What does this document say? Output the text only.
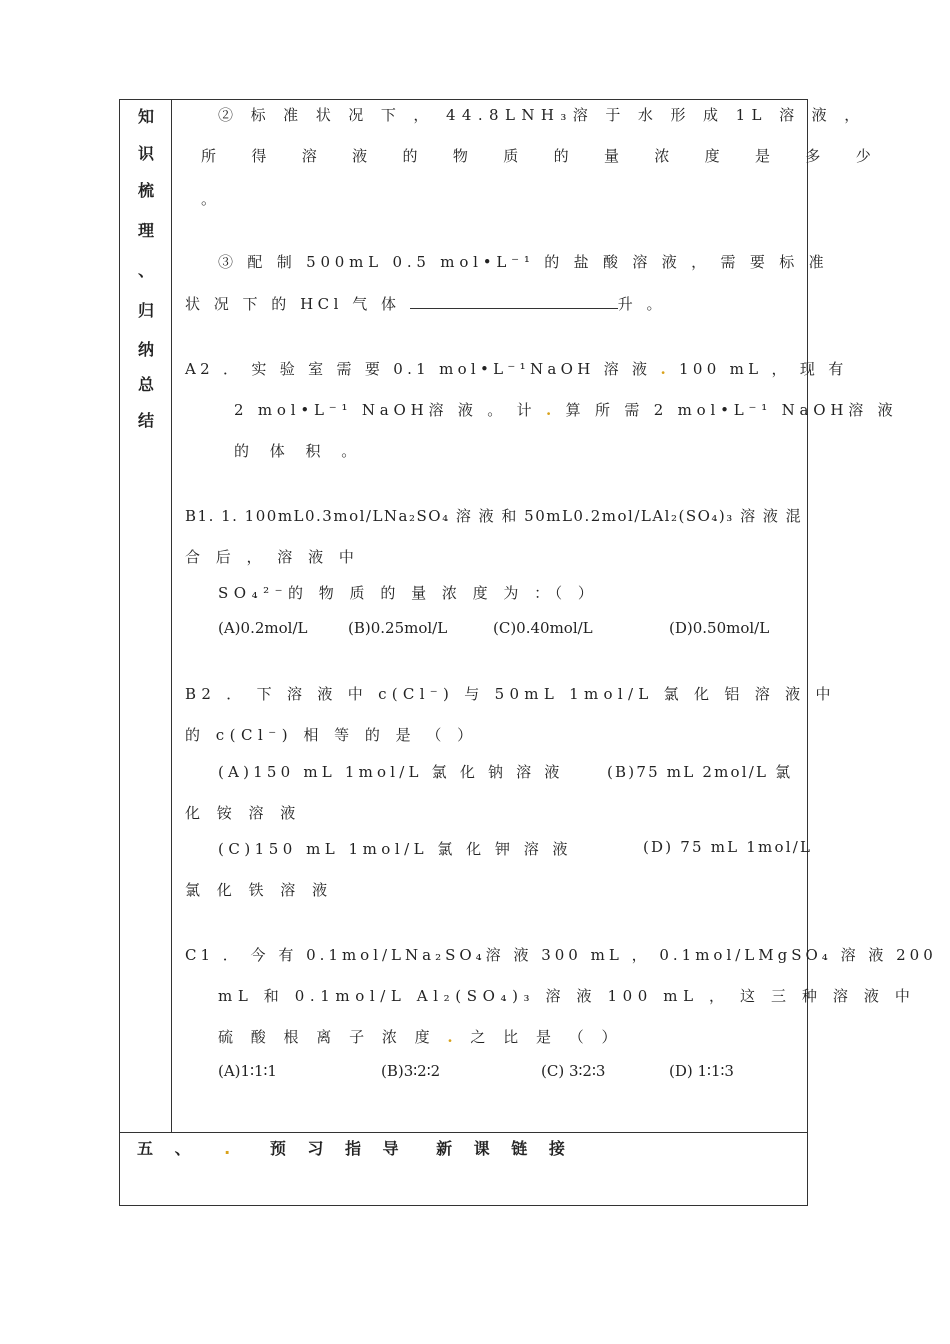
知
识
梳
理
、
归
纳
总
结
② 标 准 状 况 下 ， 44.8LNH₃溶 于 水 形 成 1L 溶 液 ，
所 得 溶 液 的 物 质 的 量 浓 度 是 多 少
。
③ 配 制 500mL 0.5 mol•L⁻¹ 的 盐 酸 溶 液 ， 需 要 标 准
状 况 下 的 HCl 气 体	升 。
A2 ． 实 验 室 需 要 0.1 mol•L⁻¹NaOH 溶 液 . 100 mL ， 现 有
2 mol•L⁻¹ NaOH溶 液 。 计 . 算 所 需 2 mol•L⁻¹ NaOH溶 液
的 体 积 。
B1. 1. 100mL0.3mol/LNa₂SO₄ 溶 液 和 50mL0.2mol/LAl₂(SO₄)₃ 溶 液 混
合 后 ， 溶 液 中
SO₄²⁻的 物 质 的 量 浓 度 为 ：（ ）
(A)0.2mol/L	(B)0.25mol/L	(C)0.40mol/L	(D)0.50mol/L
B2 ． 下 溶 液 中 c(Cl⁻) 与 50mL 1mol/L 氯 化 铝 溶 液 中
的 c(Cl⁻) 相 等 的 是 （ ）
(A)150 mL 1mol/L 氯 化 钠 溶 液	(B)75 mL 2mol/L 氯
化 铵 溶 液
(C)150 mL 1mol/L 氯 化 钾 溶 液	(D) 75 mL 1mol/L
氯 化 铁 溶 液
C1 ． 今 有 0.1mol/LNa₂SO₄溶 液 300 mL ， 0.1mol/LMgSO₄ 溶 液 200
mL 和 0.1mol/L Al₂(SO₄)₃ 溶 液 100 mL ， 这 三 种 溶 液 中
硫 酸 根 离 子 浓 度 . 之 比 是 （ ）
(A)1∶1∶1	(B)3∶2∶2	(C) 3∶2∶3	(D) 1∶1∶3
五 、 . 预 习 指 导 新 课 链 接
